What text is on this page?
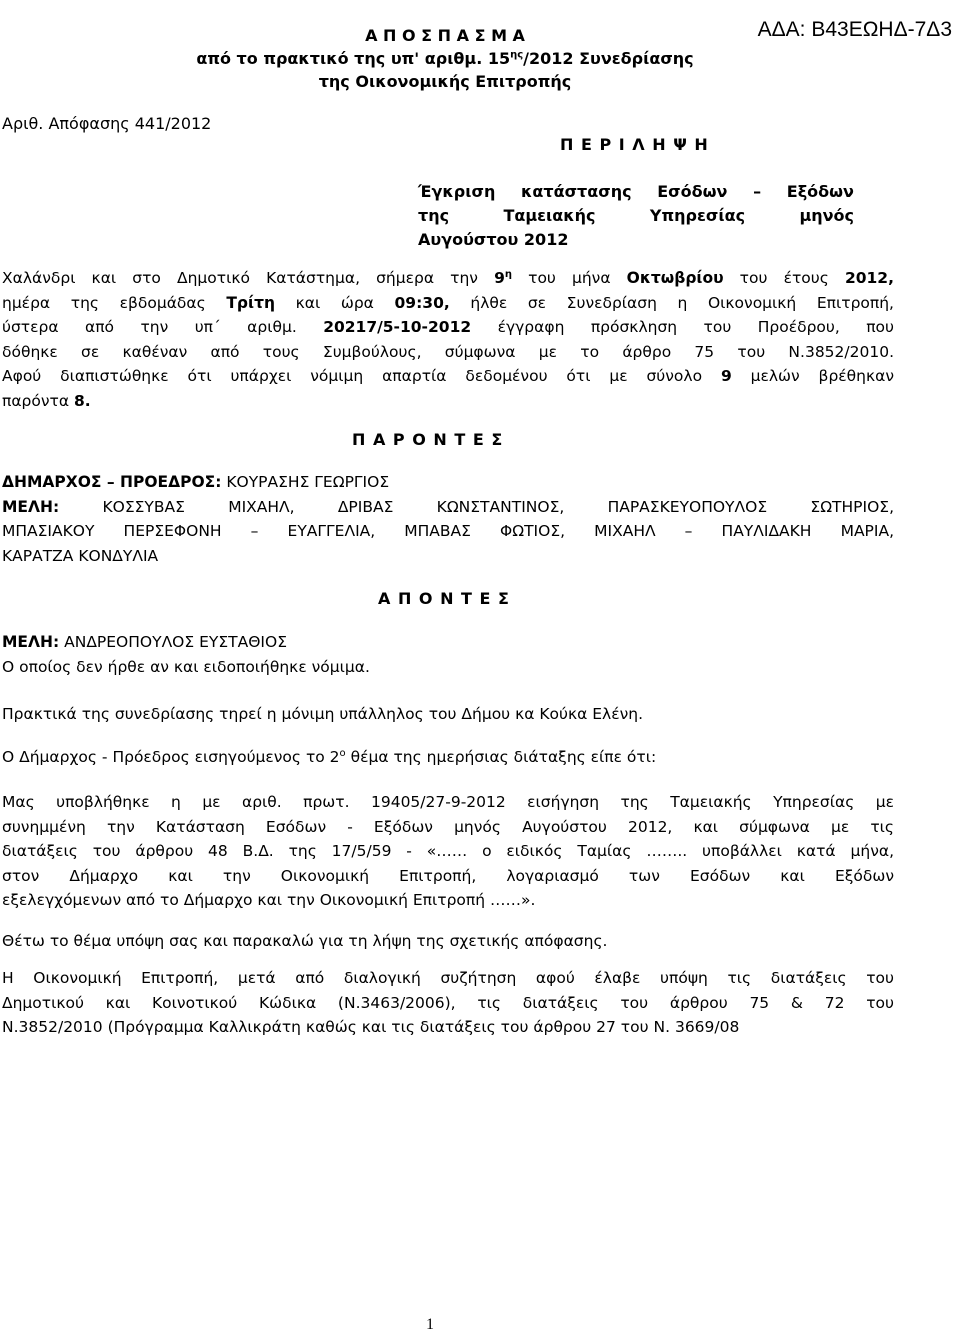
ΑΔΑ: Β43ΕΩΗΔ-7Δ3
Α Π Ο Σ Π Α Σ Μ Α
από το πρακτικό της υπ' αριθμ. $15^{\eta\varsigma}/2012$ Συνεδρίασης
της Οικονομικής Επιτροπής
Αριθ. Απόφασης 441/2012
Π Ε Ρ Ι Λ Η Ψ Η
Έγκριση κατάστασης Εσόδων – Εξόδων
της	Ταμειακής	Υπηρεσίας	μηνός
Αυγούστου 2012
Χαλάνδρι και στο Δημοτικό Κατάστημα, σήμερα την $9^\eta$ του μήνα Οκτωβρίου του έτους 2012,
ημέρα της εβδομάδας Τρίτη και ώρα 09:30, ήλθε σε Συνεδρίαση η Οικονομική Επιτροπή,
ύστερα από την υπ΄ αριθμ. 20217/5-10-2012 έγγραφη πρόσκληση του Προέδρου, που
δόθηκε σε καθέναν από τους Συμβούλους, σύμφωνα με το άρθρο 75 του Ν.3852/2010.
Αφού διαπιστώθηκε ότι υπάρχει νόμιμη απαρτία δεδομένου ότι με σύνολο 9 μελών βρέθηκαν
παρόντα 8.
Π Α Ρ Ο Ν Τ Ε Σ
ΔΗΜΑΡΧΟΣ – ΠΡΟΕΔΡΟΣ: ΚΟΥΡΑΣΗΣ ΓΕΩΡΓΙΟΣ
ΜΕΛΗ: ΚΟΣΣΥΒΑΣ ΜΙΧΑΗΛ, ΔΡΙΒΑΣ ΚΩΝΣΤΑΝΤΙΝΟΣ, ΠΑΡΑΣΚΕΥΟΠΟΥΛΟΣ ΣΩΤΗΡΙΟΣ,
ΜΠΑΣΙΑΚΟΥ ΠΕΡΣΕΦΟΝΗ – ΕΥΑΓΓΕΛΙΑ, ΜΠΑΒΑΣ ΦΩΤΙΟΣ, ΜΙΧΑΗΛ – ΠΑΥΛΙΔΑΚΗ ΜΑΡΙΑ,
ΚΑΡΑΤΖΑ ΚΟΝΔΥΛΙΑ
Α Π Ο Ν Τ Ε Σ
ΜΕΛΗ: ΑΝΔΡΕΟΠΟΥΛΟΣ ΕΥΣΤΑΘΙΟΣ
Ο οποίος δεν ήρθε αν και ειδοποιήθηκε νόμιμα.
Πρακτικά της συνεδρίασης τηρεί η μόνιμη υπάλληλος του Δήμου κα Κούκα Ελένη.
Ο Δήμαρχος - Πρόεδρος εισηγούμενος το $2^o$ θέμα της ημερήσιας διάταξης είπε ότι:
Μας υποβλήθηκε η με αριθ. πρωτ. 19405/27-9-2012 εισήγηση της Ταμειακής Υπηρεσίας με
συνημμένη την Κατάσταση Εσόδων - Εξόδων μηνός Αυγούστου 2012, και σύμφωνα με τις
διατάξεις του άρθρου 48 Β.Δ. της 17/5/59 - «…… ο ειδικός Ταμίας …….. υποβάλλει κατά μήνα,
στον Δήμαρχο και την Οικονομική Επιτροπή, λογαριασμό των Εσόδων και Εξόδων
εξελεγχόμενων από το Δήμαρχο και την Οικονομική Επιτροπή ……».
Θέτω το θέμα υπόψη σας και παρακαλώ για τη λήψη της σχετικής απόφασης.
Η Οικονομική Επιτροπή, μετά από διαλογική συζήτηση αφού έλαβε υπόψη τις διατάξεις του
Δημοτικού και Κοινοτικού Κώδικα (Ν.3463/2006), τις διατάξεις του άρθρου 75 & 72 του
Ν.3852/2010 (Πρόγραμμα Καλλικράτη καθώς και τις διατάξεις του άρθρου 27 του Ν. 3669/08
1
